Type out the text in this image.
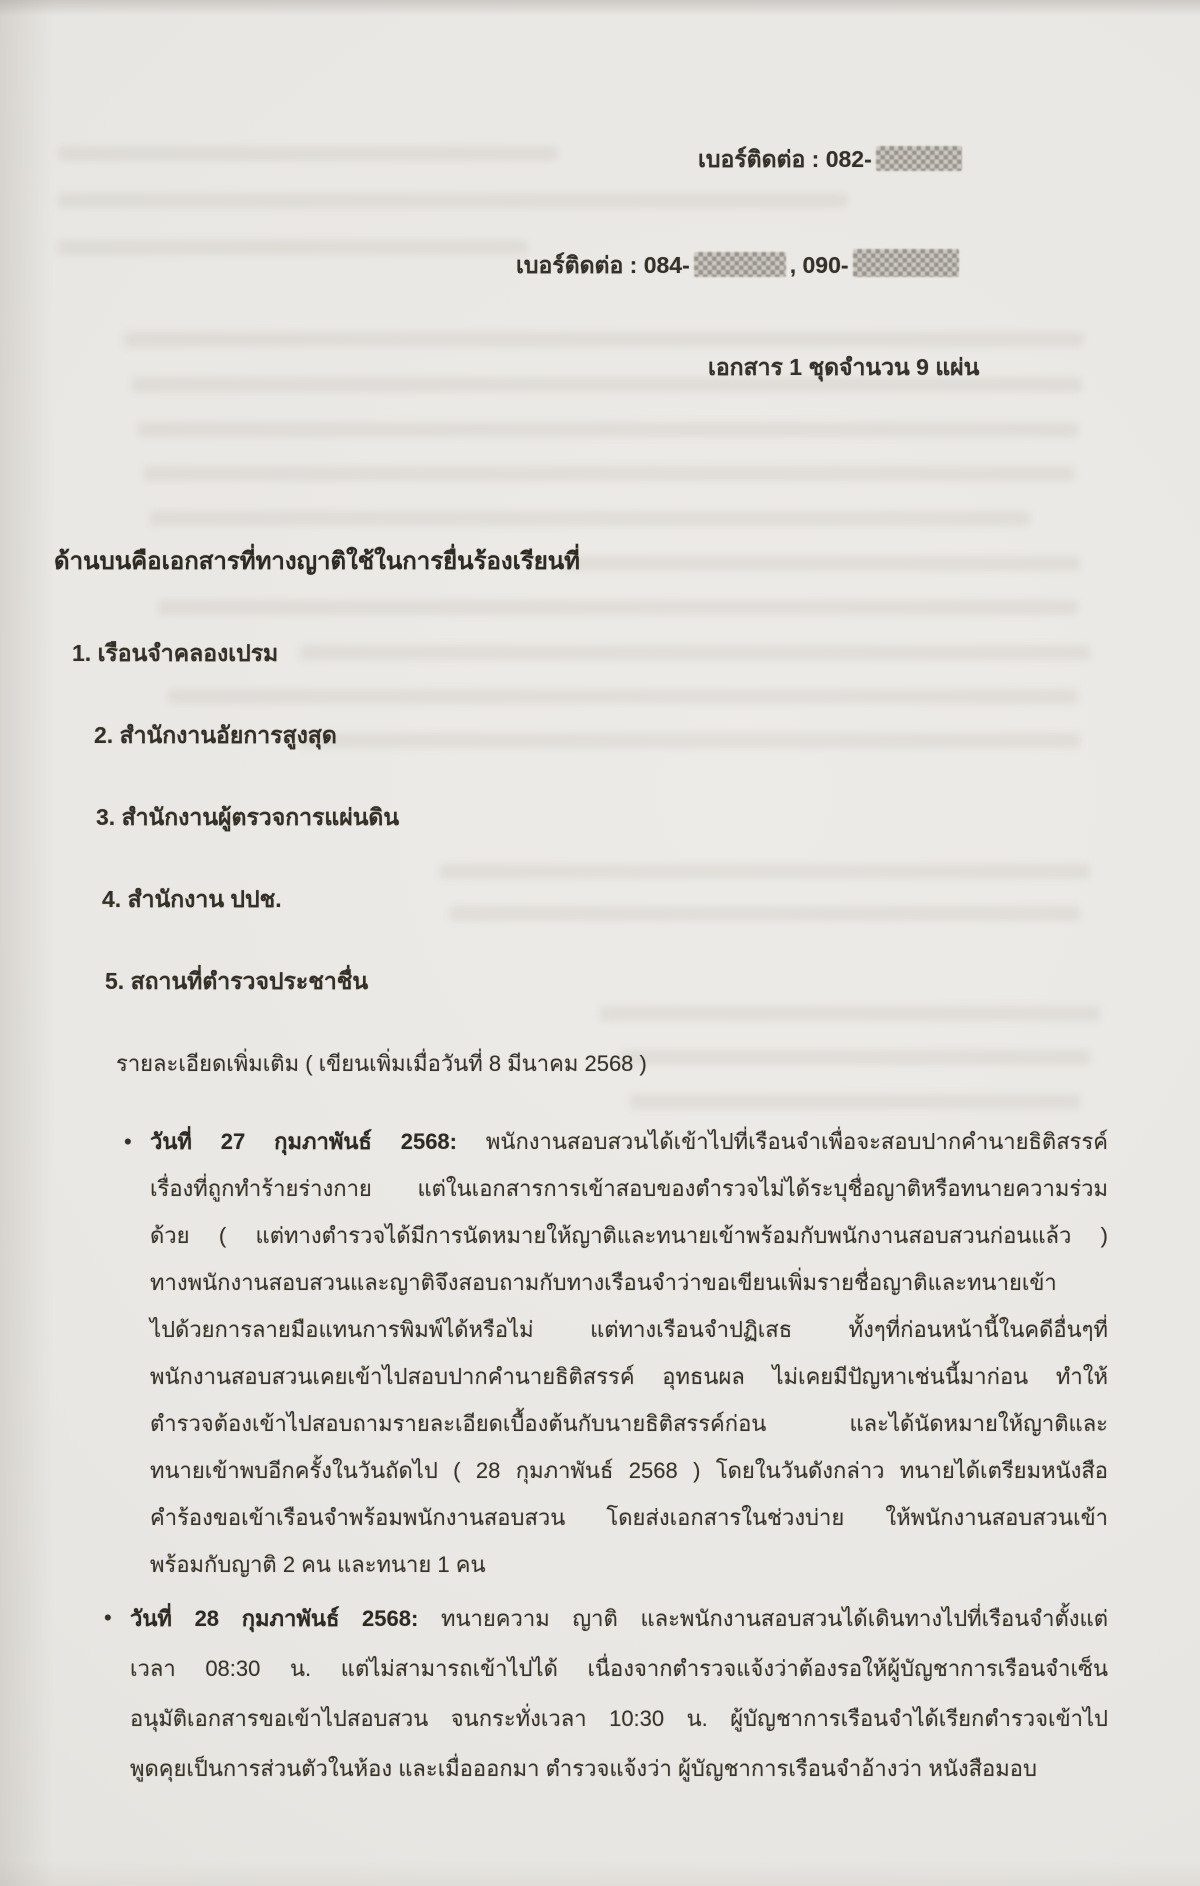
เบอร์ติดต่อ : 082-
เบอร์ติดต่อ : 084-	, 090-
เอกสาร 1 ชุดจำนวน 9 แผ่น
ด้านบนคือเอกสารที่ทางญาติใช้ในการยื่นร้องเรียนที่
1. เรือนจำคลองเปรม
2. สำนักงานอัยการสูงสุด
3. สำนักงานผู้ตรวจการแผ่นดิน
4. สำนักงาน ปปช.
5. สถานที่ตำรวจประชาชื่น
รายละเอียดเพิ่มเติม ( เขียนเพิ่มเมื่อวันที่ 8 มีนาคม 2568 )
• วันที่ 27 กุมภาพันธ์ 2568: พนักงานสอบสวนได้เข้าไปที่เรือนจำเพื่อจะสอบปากคำนายธิติสรรค์
เรื่องที่ถูกทำร้ายร่างกาย แต่ในเอกสารการเข้าสอบของตำรวจไม่ได้ระบุชื่อญาติหรือทนายความร่วม
ด้วย ( แต่ทางตำรวจได้มีการนัดหมายให้ญาติและทนายเข้าพร้อมกับพนักงานสอบสวนก่อนแล้ว )
ทางพนักงานสอบสวนและญาติจึงสอบถามกับทางเรือนจำว่าขอเขียนเพิ่มรายชื่อญาติและทนายเข้า
ไปด้วยการลายมือแทนการพิมพ์ได้หรือไม่ แต่ทางเรือนจำปฏิเสธ ทั้งๆที่ก่อนหน้านี้ในคดีอื่นๆที่
พนักงานสอบสวนเคยเข้าไปสอบปากคำนายธิติสรรค์ อุทธนผล ไม่เคยมีปัญหาเช่นนี้มาก่อน ทำให้
ตำรวจต้องเข้าไปสอบถามรายละเอียดเบื้องต้นกับนายธิติสรรค์ก่อน และได้นัดหมายให้ญาติและ
ทนายเข้าพบอีกครั้งในวันถัดไป ( 28 กุมภาพันธ์ 2568 ) โดยในวันดังกล่าว ทนายได้เตรียมหนังสือ
คำร้องขอเข้าเรือนจำพร้อมพนักงานสอบสวน โดยส่งเอกสารในช่วงบ่าย ให้พนักงานสอบสวนเข้า
พร้อมกับญาติ 2 คน และทนาย 1 คน
• วันที่ 28 กุมภาพันธ์ 2568: ทนายความ ญาติ และพนักงานสอบสวนได้เดินทางไปที่เรือนจำตั้งแต่
เวลา 08:30 น. แต่ไม่สามารถเข้าไปได้ เนื่องจากตำรวจแจ้งว่าต้องรอให้ผู้บัญชาการเรือนจำเซ็น
อนุมัติเอกสารขอเข้าไปสอบสวน จนกระทั่งเวลา 10:30 น. ผู้บัญชาการเรือนจำได้เรียกตำรวจเข้าไป
พูดคุยเป็นการส่วนตัวในห้อง และเมื่อออกมา ตำรวจแจ้งว่า ผู้บัญชาการเรือนจำอ้างว่า หนังสือมอบ
